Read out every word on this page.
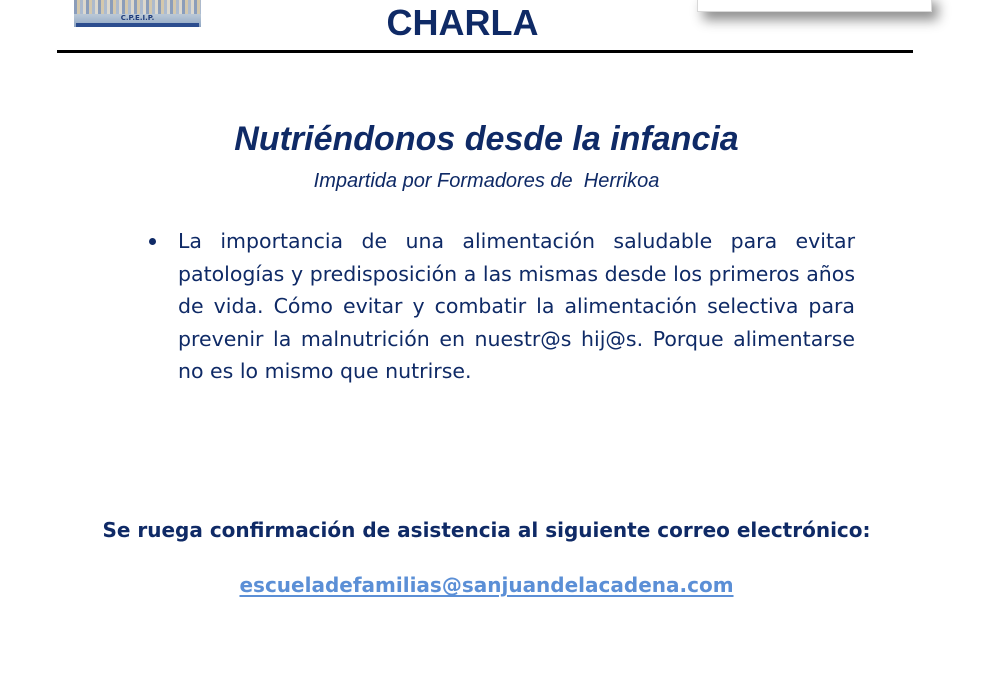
C.P.E.I.P.	CHARLA
Nutriéndonos desde la infancia
Impartida por Formadores de  Herrikoa
La importancia de una alimentación saludable para evitar patologías y predisposición a las mismas desde los primeros años de vida. Cómo evitar y combatir la alimentación selectiva para prevenir la malnutrición en nuestr@s hij@s. Porque alimentarse no es lo mismo que nutrirse.
Se ruega confirmación de asistencia al siguiente correo electrónico:
escueladefamilias@sanjuandelacadena.com
